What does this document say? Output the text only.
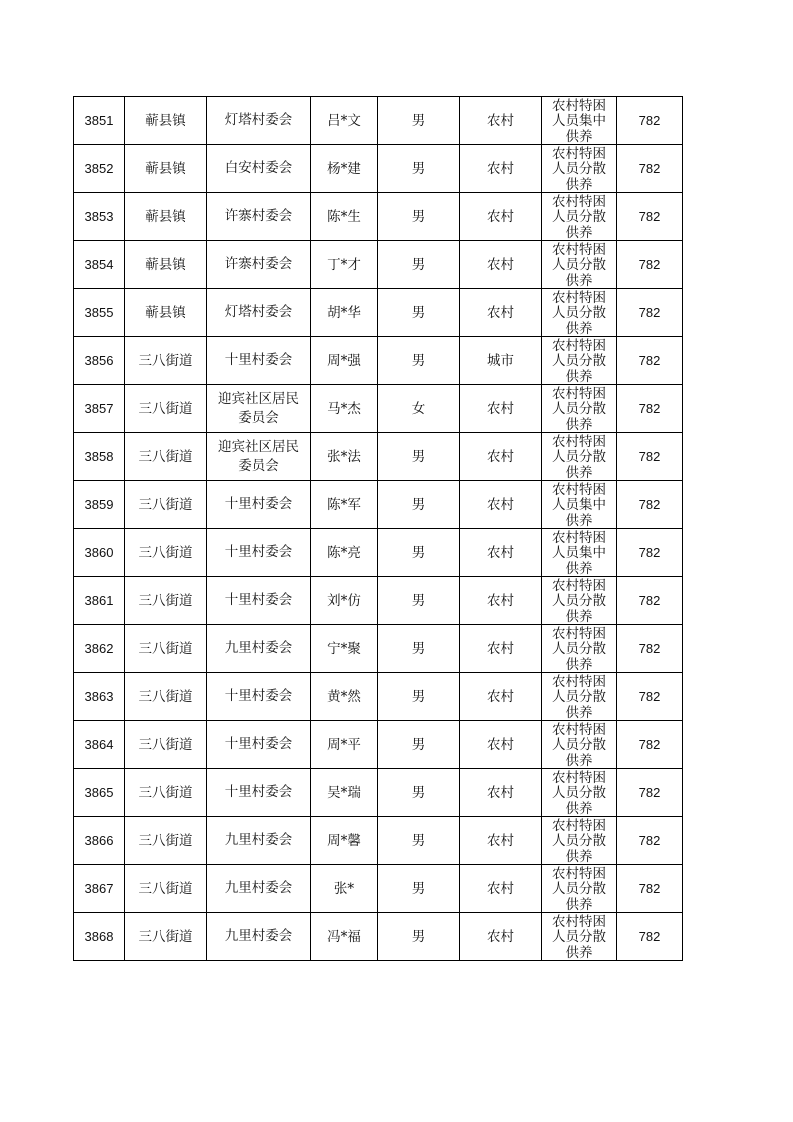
3851	蕲县镇	灯塔村委会	吕*文	男	农村	农村特困人员集中供养	782
3852	蕲县镇	白安村委会	杨*建	男	农村	农村特困人员分散供养	782
3853	蕲县镇	许寨村委会	陈*生	男	农村	农村特困人员分散供养	782
3854	蕲县镇	许寨村委会	丁*才	男	农村	农村特困人员分散供养	782
3855	蕲县镇	灯塔村委会	胡*华	男	农村	农村特困人员分散供养	782
3856	三八街道	十里村委会	周*强	男	城市	农村特困人员分散供养	782
3857	三八街道	迎宾社区居民委员会	马*杰	女	农村	农村特困人员分散供养	782
3858	三八街道	迎宾社区居民委员会	张*法	男	农村	农村特困人员分散供养	782
3859	三八街道	十里村委会	陈*军	男	农村	农村特困人员集中供养	782
3860	三八街道	十里村委会	陈*亮	男	农村	农村特困人员集中供养	782
3861	三八街道	十里村委会	刘*仿	男	农村	农村特困人员分散供养	782
3862	三八街道	九里村委会	宁*聚	男	农村	农村特困人员分散供养	782
3863	三八街道	十里村委会	黄*然	男	农村	农村特困人员分散供养	782
3864	三八街道	十里村委会	周*平	男	农村	农村特困人员分散供养	782
3865	三八街道	十里村委会	吴*瑞	男	农村	农村特困人员分散供养	782
3866	三八街道	九里村委会	周*馨	男	农村	农村特困人员分散供养	782
3867	三八街道	九里村委会	张*	男	农村	农村特困人员分散供养	782
3868	三八街道	九里村委会	冯*福	男	农村	农村特困人员分散供养	782
